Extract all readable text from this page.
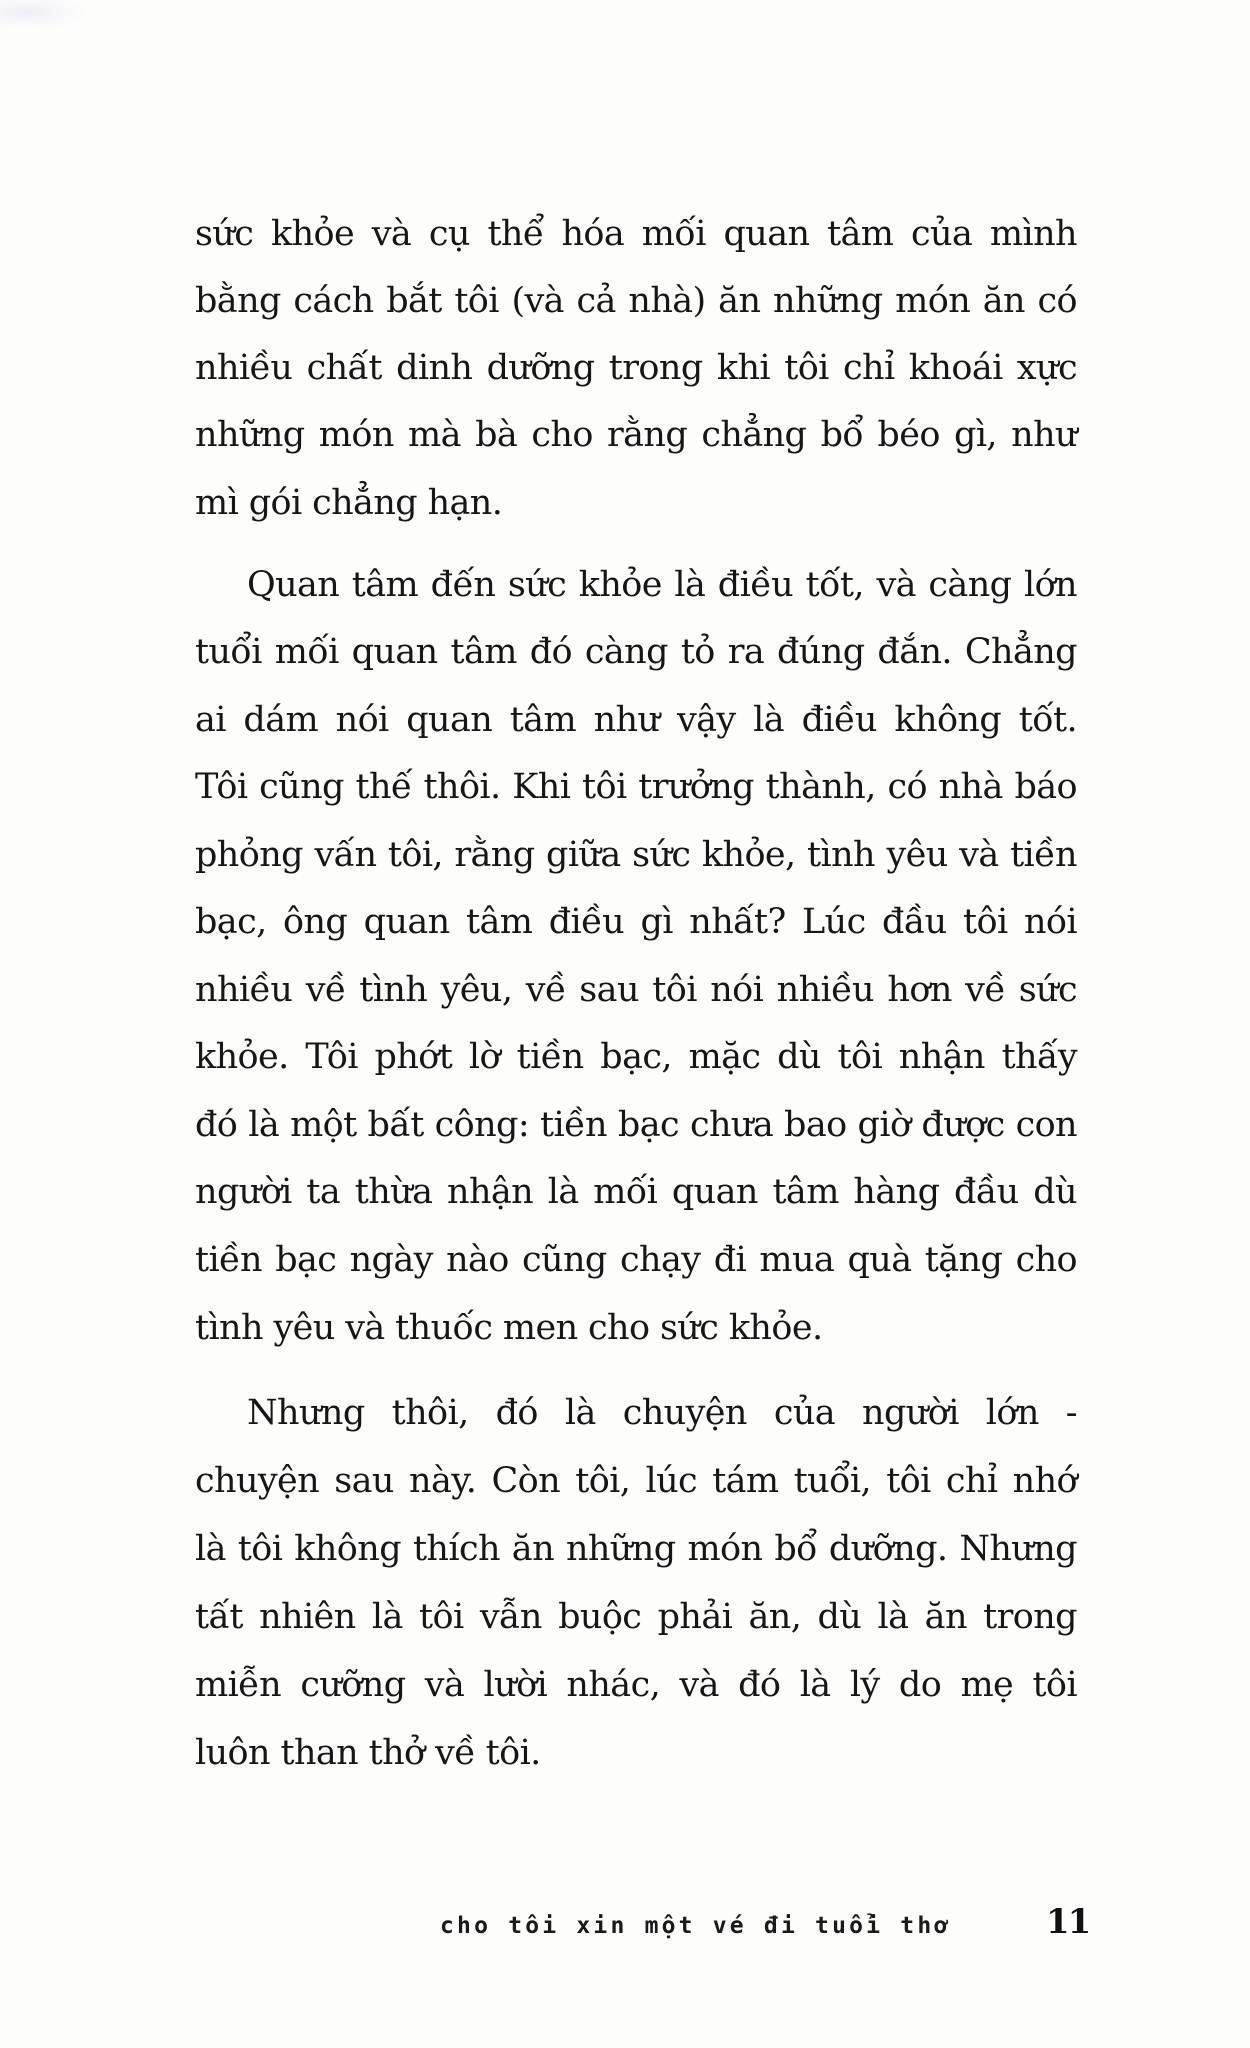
sức khỏe và cụ thể hóa mối quan tâm của mình
bằng cách bắt tôi (và cả nhà) ăn những món ăn có
nhiều chất dinh dưỡng trong khi tôi chỉ khoái xực
những món mà bà cho rằng chẳng bổ béo gì, như
mì gói chẳng hạn.
Quan tâm đến sức khỏe là điều tốt, và càng lớn
tuổi mối quan tâm đó càng tỏ ra đúng đắn. Chẳng
ai dám nói quan tâm như vậy là điều không tốt.
Tôi cũng thế thôi. Khi tôi trưởng thành, có nhà báo
phỏng vấn tôi, rằng giữa sức khỏe, tình yêu và tiền
bạc, ông quan tâm điều gì nhất? Lúc đầu tôi nói
nhiều về tình yêu, về sau tôi nói nhiều hơn về sức
khỏe. Tôi phớt lờ tiền bạc, mặc dù tôi nhận thấy
đó là một bất công: tiền bạc chưa bao giờ được con
người ta thừa nhận là mối quan tâm hàng đầu dù
tiền bạc ngày nào cũng chạy đi mua quà tặng cho
tình yêu và thuốc men cho sức khỏe.
Nhưng thôi, đó là chuyện của người lớn -
chuyện sau này. Còn tôi, lúc tám tuổi, tôi chỉ nhớ
là tôi không thích ăn những món bổ dưỡng. Nhưng
tất nhiên là tôi vẫn buộc phải ăn, dù là ăn trong
miễn cưỡng và lười nhác, và đó là lý do mẹ tôi
luôn than thở về tôi.
cho tôi xin một vé đi tuổi thơ	11
